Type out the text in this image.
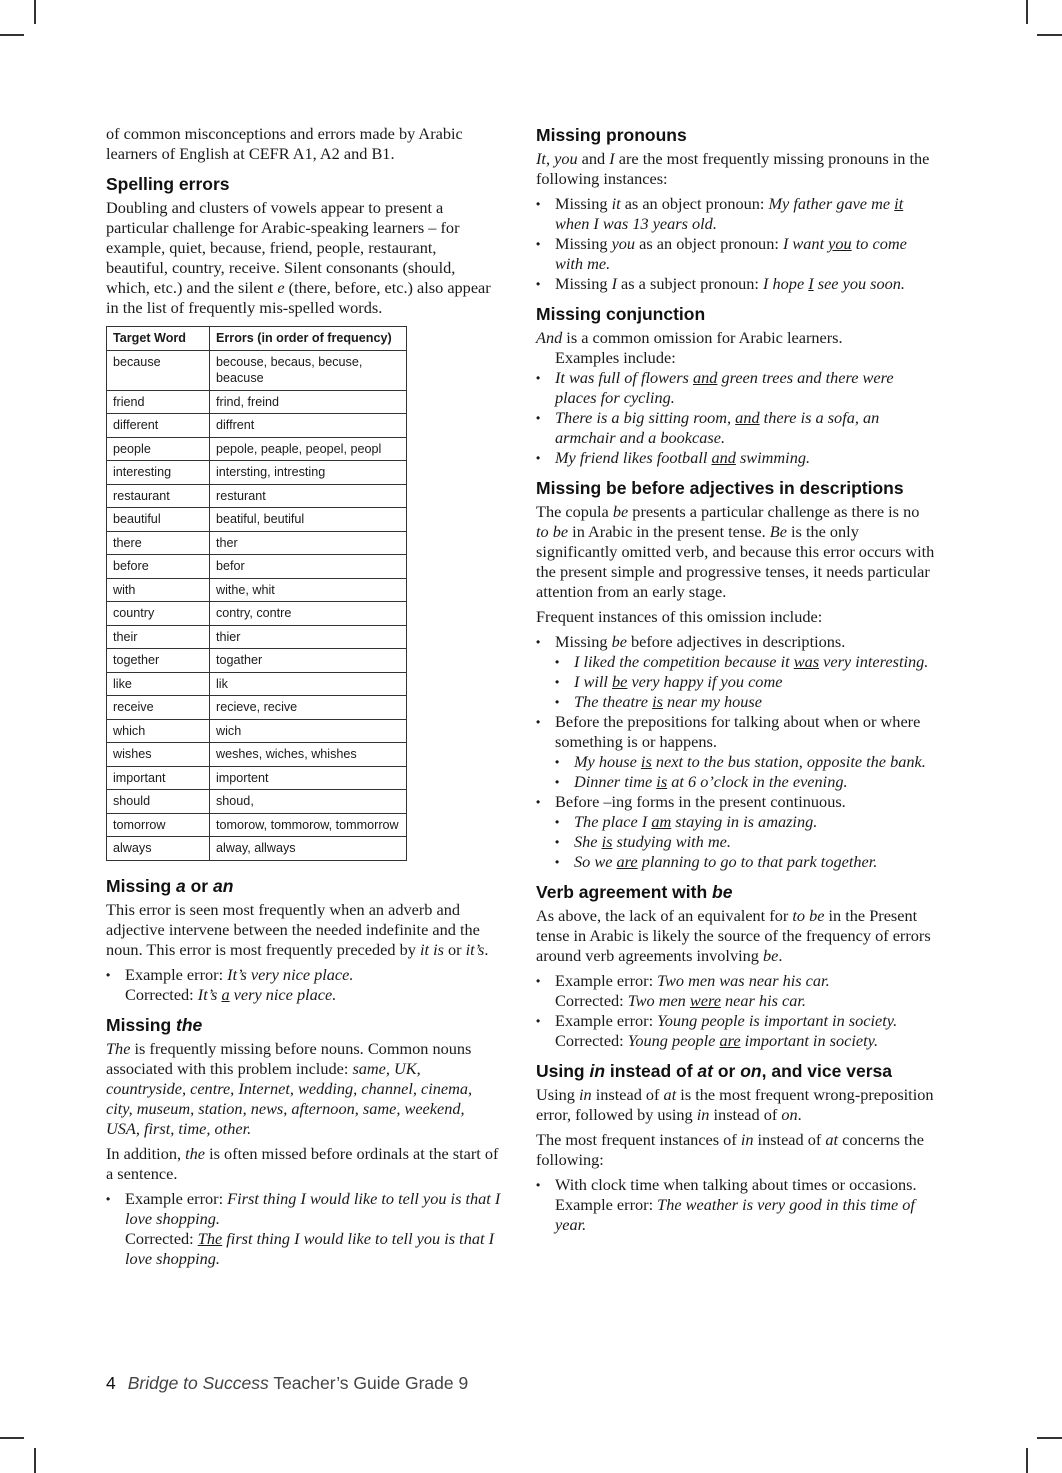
of common misconceptions and errors made by Arabic learners of English at CEFR A1, A2 and B1.

Spelling errors

Doubling and clusters of vowels appear to present a particular challenge for Arabic-speaking learners – for example, quiet, because, friend, people, restaurant, beautiful, country, receive. Silent consonants (should, which, etc.) and the silent e (there, before, etc.) also appear in the list of frequently mis-spelled words.

Target Word	Errors (in order of frequency)
because	becouse, becaus, becuse, beacuse
friend	frind, freind
different	diffrent
people	pepole, peaple, peopel, peopl
interesting	intersting, intresting
restaurant	resturant
beautiful	beatiful, beutiful
there	ther
before	befor
with	withe, whit
country	contry, contre
their	thier
together	togather
like	lik
receive	recieve, recive
which	wich
wishes	weshes, wiches, whishes
important	importent
should	shoud,
tomorrow	tomorow, tommorow, tommorrow
always	alway, allways
Missing a or an

This error is seen most frequently when an adverb and adjective intervene between the needed indefinite and the noun. This error is most frequently preceded by it is or it’s.

• Example error: It’s very nice place.
Corrected: It’s a very nice place.
Missing the

The is frequently missing before nouns. Common nouns associated with this problem include: same, UK, countryside, centre, Internet, wedding, channel, cinema, city, museum, station, news, afternoon, same, weekend, USA, first, time, other.

In addition, the is often missed before ordinals at the start of a sentence.

• Example error: First thing I would like to tell you is that I love shopping.
Corrected: The first thing I would like to tell you is that I love shopping.
Missing pronouns

It, you and I are the most frequently missing pronouns in the following instances:

• Missing it as an object pronoun: My father gave me it when I was 13 years old.
• Missing you as an object pronoun: I want you to come with me.
• Missing I as a subject pronoun: I hope I see you soon.
Missing conjunction

And is a common omission for Arabic learners.
Examples include:

• It was full of flowers and green trees and there were places for cycling.
• There is a big sitting room, and there is a sofa, an armchair and a bookcase.
• My friend likes football and swimming.
Missing be before adjectives in descriptions

The copula be presents a particular challenge as there is no to be in Arabic in the present tense. Be is the only significantly omitted verb, and because this error occurs with the present simple and progressive tenses, it needs particular attention from an early stage.

Frequent instances of this omission include:

• Missing be before adjectives in descriptions.
• I liked the competition because it was very interesting.
• I will be very happy if you come
• The theatre is near my house
• Before the prepositions for talking about when or where something is or happens.
• My house is next to the bus station, opposite the bank.
• Dinner time is at 6 o’clock in the evening.
• Before –ing forms in the present continuous.
• The place I am staying in is amazing.
• She is studying with me.
• So we are planning to go to that park together.
Verb agreement with be

As above, the lack of an equivalent for to be in the Present tense in Arabic is likely the source of the frequency of errors around verb agreements involving be.

• Example error: Two men was near his car.
Corrected: Two men were near his car.
• Example error: Young people is important in society.
Corrected: Young people are important in society.
Using in instead of at or on, and vice versa

Using in instead of at is the most frequent wrong-preposition error, followed by using in instead of on.

The most frequent instances of in instead of at concerns the following:

• With clock time when talking about times or occasions.
Example error: The weather is very good in this time of year.
4 Bridge to Success Teacher’s Guide Grade 9
